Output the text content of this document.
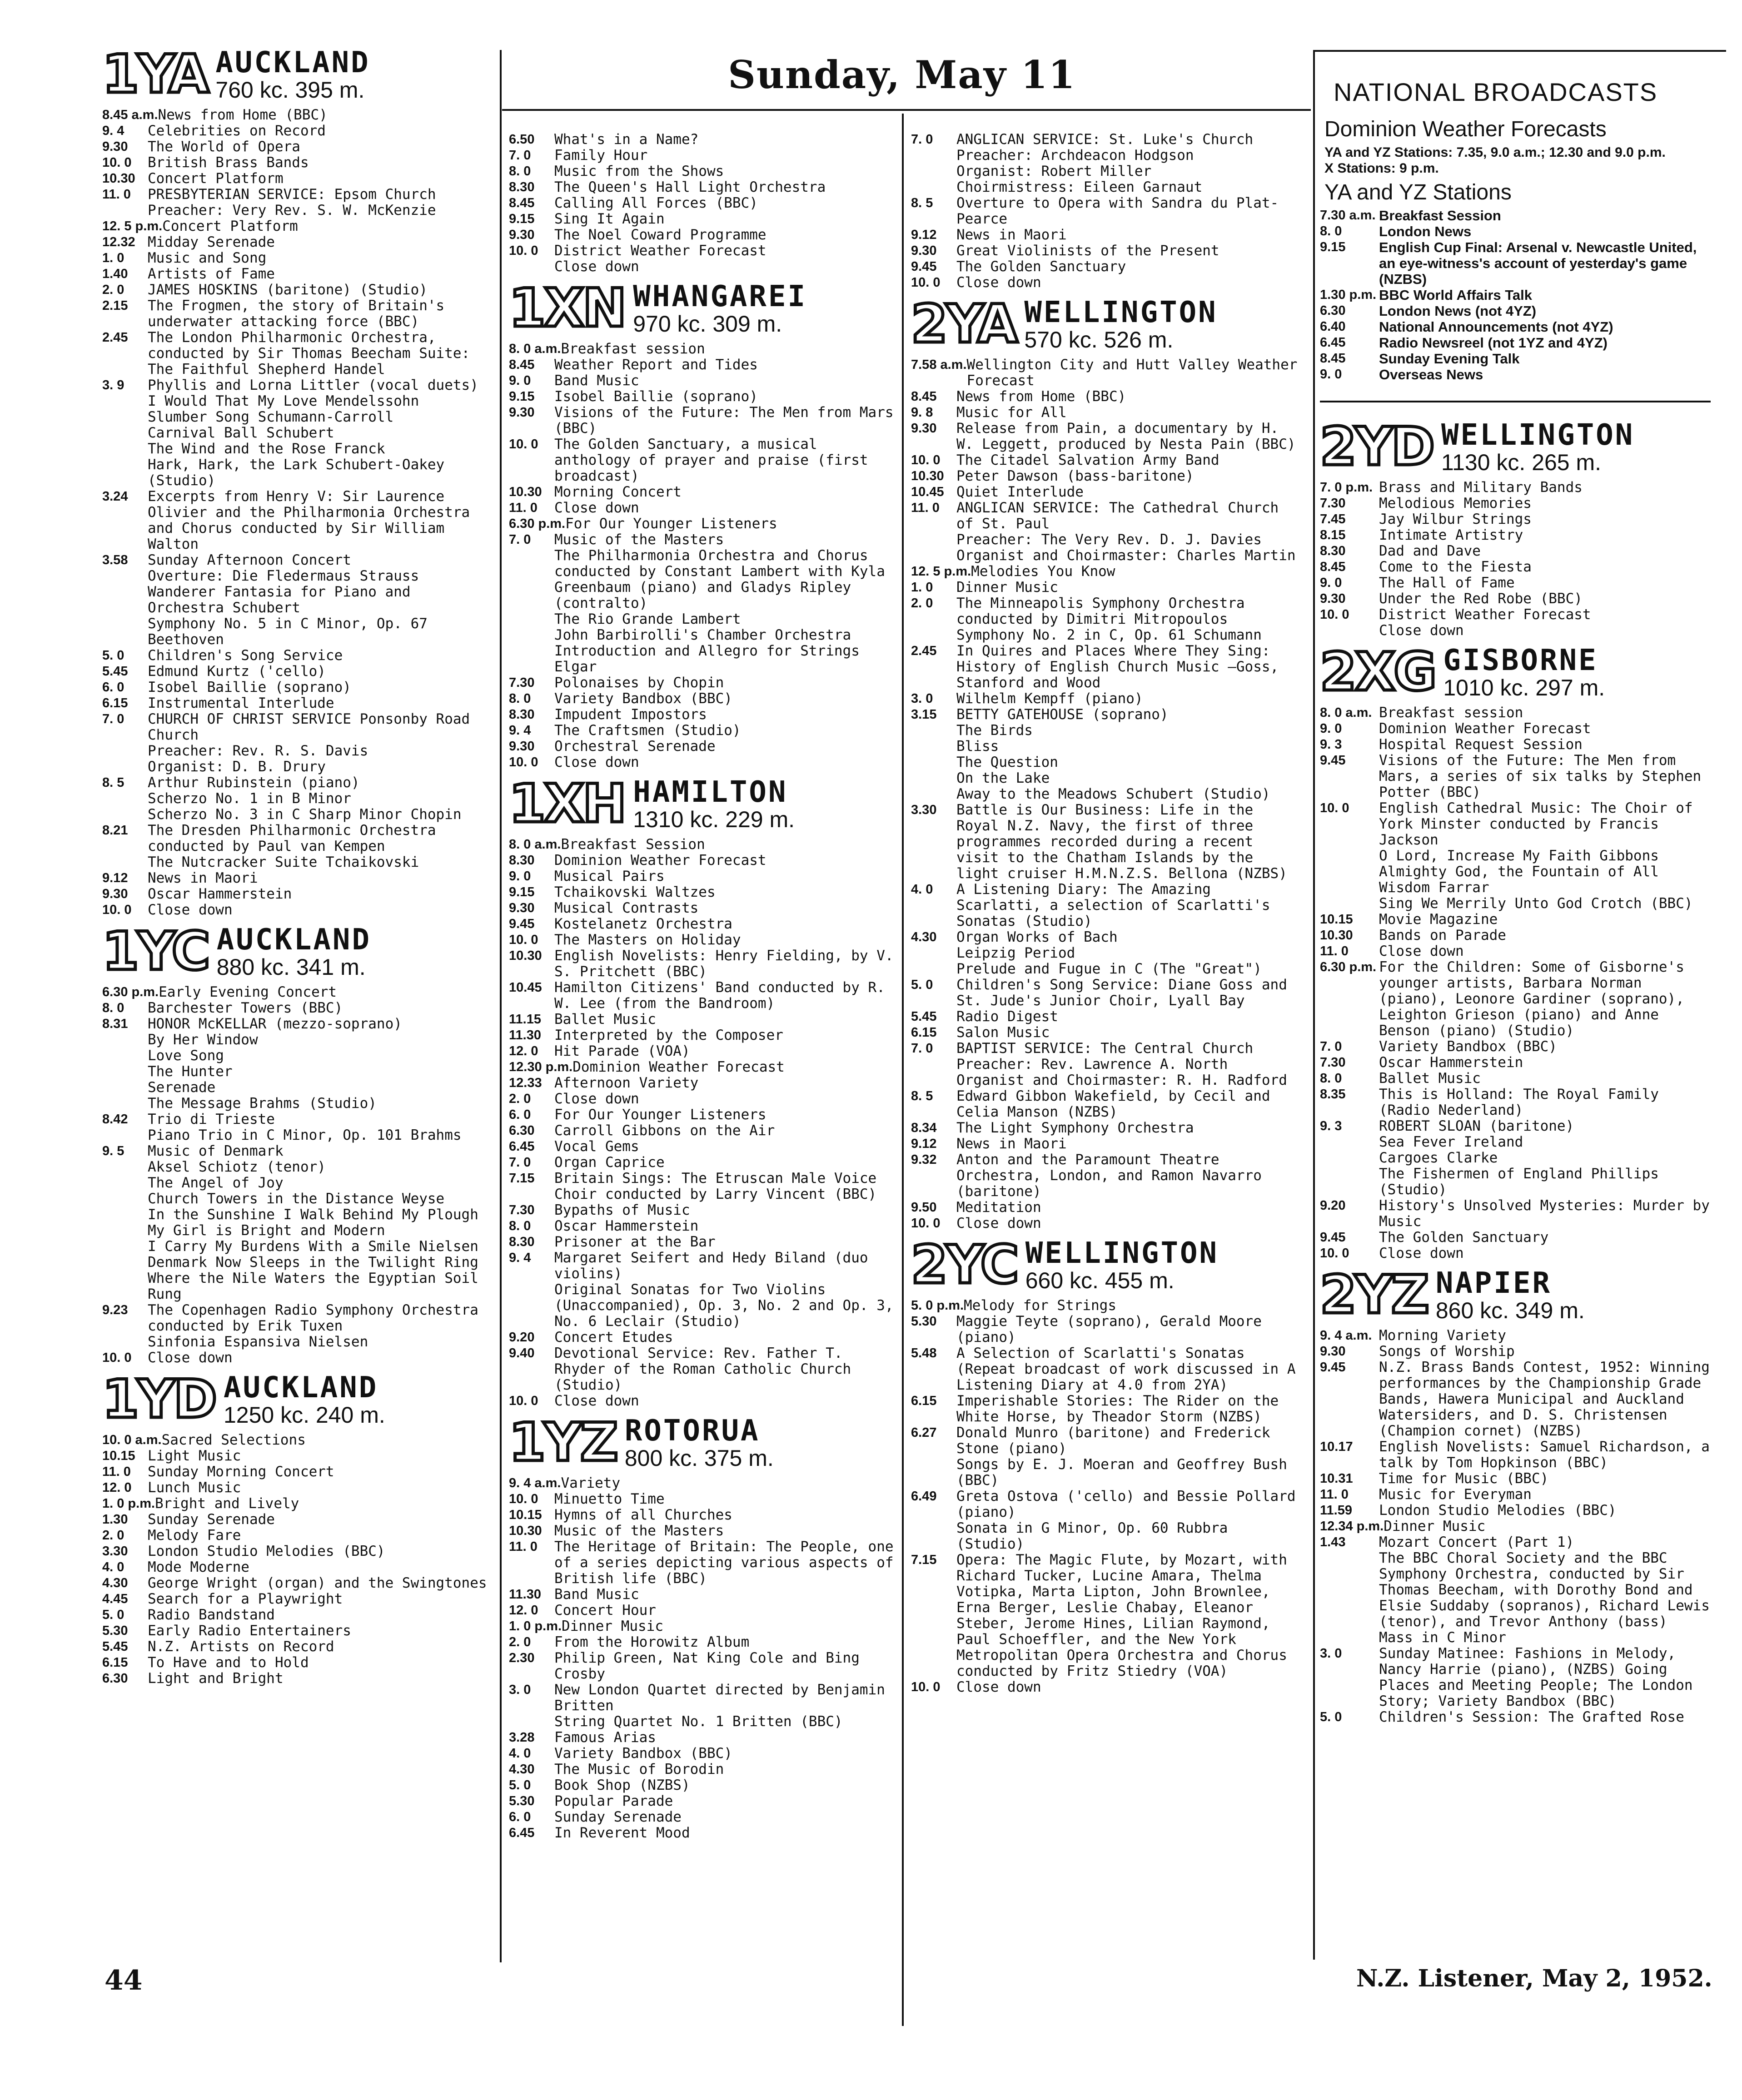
Sunday, May 11
1YA AUCKLAND
760 kc. 395 m.
8.45 a.m. News from Home (BBC)
9. 4	Celebrities on Record
9.30	The World of Opera
10. 0	British Brass Bands
10.30 Concert Platform
11. 0	PRESBYTERIAN SERVICE: Epsom Church
Preacher: Very Rev. S. W. McKenzie
12. 5 p.m. Concert Platform
12.32 Midday Serenade
1. 0	Music and Song
1.40	Artists of Fame
2. 0	JAMES HOSKINS (baritone) (Studio)
2.15	The Frogmen, the story of Britain's underwater attacking force (BBC)
2.45	The London Philharmonic Orchestra, conducted by Sir Thomas Beecham Suite: The Faithful Shepherd Handel
3. 9	Phyllis and Lorna Littler (vocal duets)
I Would That My Love Mendelssohn
Slumber Song Schumann-Carroll
Carnival Ball Schubert
The Wind and the Rose Franck
Hark, Hark, the Lark Schubert-Oakey (Studio)
3.24	Excerpts from Henry V: Sir Laurence Olivier and the Philharmonia Orchestra and Chorus conducted by Sir William Walton
3.58	Sunday Afternoon Concert
Overture: Die Fledermaus Strauss
Wanderer Fantasia for Piano and Orchestra Schubert
Symphony No. 5 in C Minor, Op. 67 Beethoven
5. 0	Children's Song Service
5.45	Edmund Kurtz ('cello)
6. 0	Isobel Baillie (soprano)
6.15	Instrumental Interlude
7. 0	CHURCH OF CHRIST SERVICE Ponsonby Road Church
Preacher: Rev. R. S. Davis
Organist: D. B. Drury
8. 5	Arthur Rubinstein (piano)
Scherzo No. 1 in B Minor
Scherzo No. 3 in C Sharp Minor Chopin
8.21	The Dresden Philharmonic Orchestra conducted by Paul van Kempen
The Nutcracker Suite Tchaikovski
9.12	News in Maori
9.30	Oscar Hammerstein
10. 0	Close down
1YC AUCKLAND
880 kc. 341 m.
6.30 p.m. Early Evening Concert
8. 0	Barchester Towers (BBC)
8.31	HONOR McKELLAR (mezzo-soprano)
By Her Window
Love Song
The Hunter
Serenade
The Message Brahms (Studio)
8.42	Trio di Trieste
Piano Trio in C Minor, Op. 101 Brahms
9. 5	Music of Denmark
Aksel Schiotz (tenor)
The Angel of Joy
Church Towers in the Distance Weyse
In the Sunshine I Walk Behind My Plough
My Girl is Bright and Modern
I Carry My Burdens With a Smile Nielsen
Denmark Now Sleeps in the Twilight Ring
Where the Nile Waters the Egyptian Soil Rung
9.23	The Copenhagen Radio Symphony Orchestra conducted by Erik Tuxen
Sinfonia Espansiva Nielsen
10. 0	Close down
1YD AUCKLAND
1250 kc. 240 m.
10. 0 a.m. Sacred Selections
10.15 Light Music
11. 0	Sunday Morning Concert
12. 0	Lunch Music
1. 0 p.m. Bright and Lively
1.30	Sunday Serenade
2. 0	Melody Fare
3.30	London Studio Melodies (BBC)
4. 0	Mode Moderne
4.30	George Wright (organ) and the Swingtones
4.45	Search for a Playwright
5. 0	Radio Bandstand
5.30	Early Radio Entertainers
5.45	N.Z. Artists on Record
6.15	To Have and to Hold
6.30	Light and Bright
6.50	What's in a Name?
7. 0	Family Hour
8. 0	Music from the Shows
8.30	The Queen's Hall Light Orchestra
8.45	Calling All Forces (BBC)
9.15	Sing It Again
9.30	The Noel Coward Programme
10. 0	District Weather Forecast
Close down
1XN WHANGAREI
970 kc. 309 m.
8. 0 a.m. Breakfast session
8.45	Weather Report and Tides
9. 0	Band Music
9.15	Isobel Baillie (soprano)
9.30	Visions of the Future: The Men from Mars (BBC)
10. 0	The Golden Sanctuary, a musical anthology of prayer and praise (first broadcast)
10.30 Morning Concert
11. 0	Close down
6.30 p.m. For Our Younger Listeners
7. 0	Music of the Masters
The Philharmonia Orchestra and Chorus conducted by Constant Lambert with Kyla Greenbaum (piano) and Gladys Ripley (contralto)
The Rio Grande Lambert
John Barbirolli's Chamber Orchestra
Introduction and Allegro for Strings Elgar
7.30	Polonaises by Chopin
8. 0	Variety Bandbox (BBC)
8.30	Impudent Impostors
9. 4	The Craftsmen (Studio)
9.30	Orchestral Serenade
10. 0	Close down
1XH HAMILTON
1310 kc. 229 m.
8. 0 a.m. Breakfast Session
8.30	Dominion Weather Forecast
9. 0	Musical Pairs
9.15	Tchaikovski Waltzes
9.30	Musical Contrasts
9.45	Kostelanetz Orchestra
10. 0	The Masters on Holiday
10.30 English Novelists: Henry Fielding, by V. S. Pritchett (BBC)
10.45 Hamilton Citizens' Band conducted by R. W. Lee (from the Bandroom)
11.15 Ballet Music
11.30 Interpreted by the Composer
12. 0	Hit Parade (VOA)
12.30 p.m. Dominion Weather Forecast
12.33 Afternoon Variety
2. 0	Close down
6. 0	For Our Younger Listeners
6.30	Carroll Gibbons on the Air
6.45	Vocal Gems
7. 0	Organ Caprice
7.15	Britain Sings: The Etruscan Male Voice Choir conducted by Larry Vincent (BBC)
7.30	Bypaths of Music
8. 0	Oscar Hammerstein
8.30	Prisoner at the Bar
9. 4	Margaret Seifert and Hedy Biland (duo violins)
Original Sonatas for Two Violins (Unaccompanied), Op. 3, No. 2 and Op. 3, No. 6 Leclair (Studio)
9.20	Concert Etudes
9.40	Devotional Service: Rev. Father T. Rhyder of the Roman Catholic Church (Studio)
10. 0	Close down
1YZ ROTORUA
800 kc. 375 m.
9. 4 a.m. Variety
10. 0	Minuetto Time
10.15 Hymns of all Churches
10.30 Music of the Masters
11. 0	The Heritage of Britain: The People, one of a series depicting various aspects of British life (BBC)
11.30 Band Music
12. 0	Concert Hour
1. 0 p.m. Dinner Music
2. 0	From the Horowitz Album
2.30	Philip Green, Nat King Cole and Bing Crosby
3. 0	New London Quartet directed by Benjamin Britten
String Quartet No. 1 Britten (BBC)
3.28	Famous Arias
4. 0	Variety Bandbox (BBC)
4.30	The Music of Borodin
5. 0	Book Shop (NZBS)
5.30	Popular Parade
6. 0	Sunday Serenade
6.45	In Reverent Mood
7. 0	ANGLICAN SERVICE: St. Luke's Church
Preacher: Archdeacon Hodgson
Organist: Robert Miller
Choirmistress: Eileen Garnaut
8. 5	Overture to Opera with Sandra du Plat-Pearce
9.12	News in Maori
9.30	Great Violinists of the Present
9.45	The Golden Sanctuary
10. 0	Close down
2YA WELLINGTON
570 kc. 526 m.
7.58 a.m. Wellington City and Hutt Valley Weather Forecast
8.45	News from Home (BBC)
9. 8	Music for All
9.30	Release from Pain, a documentary by H. W. Leggett, produced by Nesta Pain (BBC)
10. 0	The Citadel Salvation Army Band
10.30 Peter Dawson (bass-baritone)
10.45 Quiet Interlude
11. 0	ANGLICAN SERVICE: The Cathedral Church of St. Paul
Preacher: The Very Rev. D. J. Davies
Organist and Choirmaster: Charles Martin
12. 5 p.m. Melodies You Know
1. 0	Dinner Music
2. 0	The Minneapolis Symphony Orchestra conducted by Dimitri Mitropoulos
Symphony No. 2 in C, Op. 61 Schumann
2.45	In Quires and Places Where They Sing: History of English Church Music —Goss, Stanford and Wood
3. 0	Wilhelm Kempff (piano)
3.15	BETTY GATEHOUSE (soprano)
The Birds
Bliss
The Question
On the Lake
Away to the Meadows Schubert (Studio)
3.30	Battle is Our Business: Life in the Royal N.Z. Navy, the first of three programmes recorded during a recent visit to the Chatham Islands by the light cruiser H.M.N.Z.S. Bellona (NZBS)
4. 0	A Listening Diary: The Amazing Scarlatti, a selection of Scarlatti's Sonatas (Studio)
4.30	Organ Works of Bach
Leipzig Period
Prelude and Fugue in C (The "Great")
5. 0	Children's Song Service: Diane Goss and St. Jude's Junior Choir, Lyall Bay
5.45	Radio Digest
6.15	Salon Music
7. 0	BAPTIST SERVICE: The Central Church
Preacher: Rev. Lawrence A. North
Organist and Choirmaster: R. H. Radford
8. 5	Edward Gibbon Wakefield, by Cecil and Celia Manson (NZBS)
8.34	The Light Symphony Orchestra
9.12	News in Maori
9.32	Anton and the Paramount Theatre Orchestra, London, and Ramon Navarro (baritone)
9.50	Meditation
10. 0	Close down
2YC WELLINGTON
660 kc. 455 m.
5. 0 p.m. Melody for Strings
5.30	Maggie Teyte (soprano), Gerald Moore (piano)
5.48	A Selection of Scarlatti's Sonatas (Repeat broadcast of work discussed in A Listening Diary at 4.0 from 2YA)
6.15	Imperishable Stories: The Rider on the White Horse, by Theador Storm (NZBS)
6.27	Donald Munro (baritone) and Frederick Stone (piano)
Songs by E. J. Moeran and Geoffrey Bush (BBC)
6.49	Greta Ostova ('cello) and Bessie Pollard (piano)
Sonata in G Minor, Op. 60 Rubbra (Studio)
7.15	Opera: The Magic Flute, by Mozart, with Richard Tucker, Lucine Amara, Thelma Votipka, Marta Lipton, John Brownlee, Erna Berger, Leslie Chabay, Eleanor Steber, Jerome Hines, Lilian Raymond, Paul Schoeffler, and the New York Metropolitan Opera Orchestra and Chorus conducted by Fritz Stiedry (VOA)
10. 0	Close down
NATIONAL BROADCASTS
Dominion Weather Forecasts
YA and YZ Stations: 7.35, 9.0 a.m.; 12.30 and 9.0 p.m.
X Stations: 9 p.m.
YA and YZ Stations
7.30 a.m. Breakfast Session
8. 0	London News
9.15	English Cup Final: Arsenal v. Newcastle United, an eye-witness's account of yesterday's game (NZBS)
1.30 p.m. BBC World Affairs Talk
6.30	London News (not 4YZ)
6.40	National Announcements (not 4YZ)
6.45	Radio Newsreel (not 1YZ and 4YZ)
8.45	Sunday Evening Talk
9. 0	Overseas News
2YD WELLINGTON
1130 kc. 265 m.
7. 0 p.m. Brass and Military Bands
7.30	Melodious Memories
7.45	Jay Wilbur Strings
8.15	Intimate Artistry
8.30	Dad and Dave
8.45	Come to the Fiesta
9. 0	The Hall of Fame
9.30	Under the Red Robe (BBC)
10. 0	District Weather Forecast
Close down
2XG GISBORNE
1010 kc. 297 m.
8. 0 a.m. Breakfast session
9. 0	Dominion Weather Forecast
9. 3	Hospital Request Session
9.45	Visions of the Future: The Men from Mars, a series of six talks by Stephen Potter (BBC)
10. 0	English Cathedral Music: The Choir of York Minster conducted by Francis Jackson
O Lord, Increase My Faith Gibbons
Almighty God, the Fountain of All Wisdom Farrar
Sing We Merrily Unto God Crotch (BBC)
10.15	Movie Magazine
10.30	Bands on Parade
11. 0	Close down
6.30 p.m. For the Children: Some of Gisborne's younger artists, Barbara Norman (piano), Leonore Gardiner (soprano), Leighton Grieson (piano) and Anne Benson (piano) (Studio)
7. 0	Variety Bandbox (BBC)
7.30	Oscar Hammerstein
8. 0	Ballet Music
8.35	This is Holland: The Royal Family (Radio Nederland)
9. 3	ROBERT SLOAN (baritone)
Sea Fever Ireland
Cargoes Clarke
The Fishermen of England Phillips (Studio)
9.20	History's Unsolved Mysteries: Murder by Music
9.45	The Golden Sanctuary
10. 0	Close down
2YZ NAPIER
860 kc. 349 m.
9. 4 a.m. Morning Variety
9.30	Songs of Worship
9.45	N.Z. Brass Bands Contest, 1952: Winning performances by the Championship Grade Bands, Hawera Municipal and Auckland Watersiders, and D. S. Christensen (Champion cornet) (NZBS)
10.17	English Novelists: Samuel Richardson, a talk by Tom Hopkinson (BBC)
10.31	Time for Music (BBC)
11. 0	Music for Everyman
11.59	London Studio Melodies (BBC)
12.34 p.m. Dinner Music
1.43	Mozart Concert (Part 1)
The BBC Choral Society and the BBC Symphony Orchestra, conducted by Sir Thomas Beecham, with Dorothy Bond and Elsie Suddaby (sopranos), Richard Lewis (tenor), and Trevor Anthony (bass)
Mass in C Minor
3. 0	Sunday Matinee: Fashions in Melody, Nancy Harrie (piano), (NZBS) Going Places and Meeting People; The London Story; Variety Bandbox (BBC)
5. 0	Children's Session: The Grafted Rose
44	N.Z. Listener, May 2, 1952.
